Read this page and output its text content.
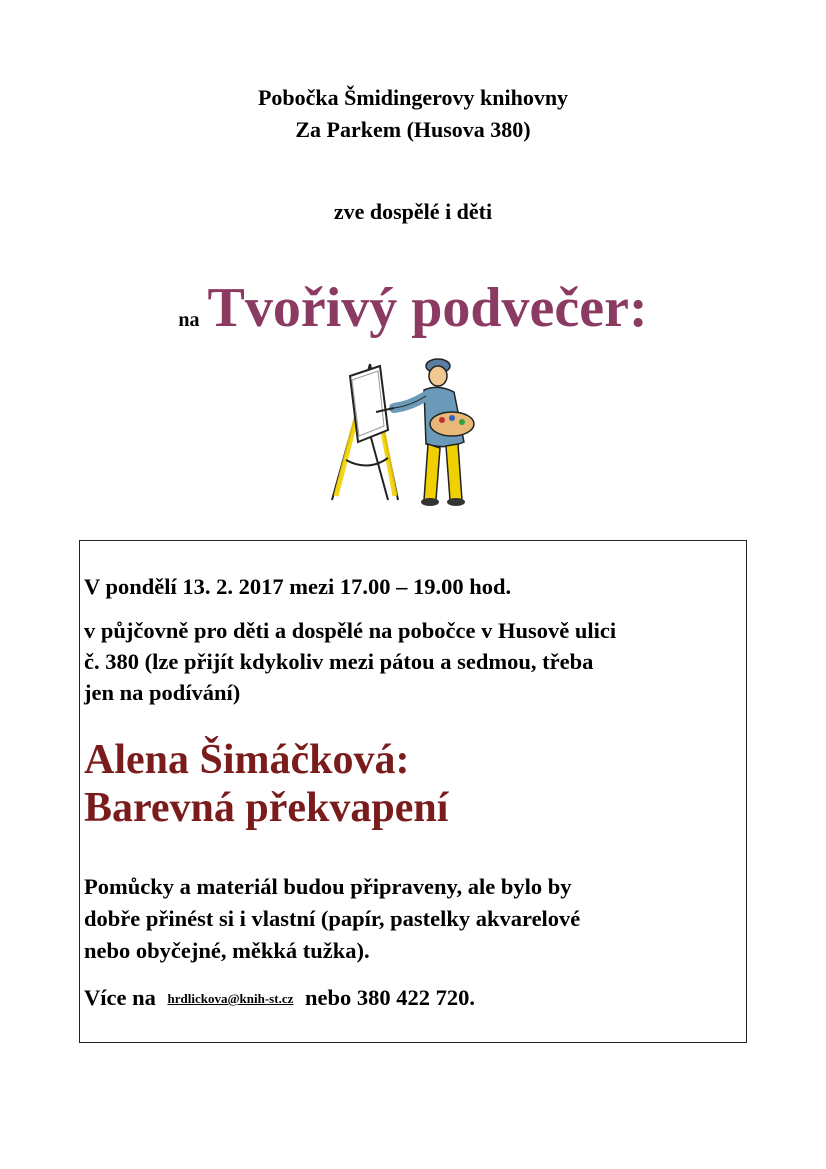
Pobočka Šmidingerovy knihovny
Za Parkem (Husova 380)
zve dospělé i děti
na Tvořivý podvečer:
V pondělí 13. 2. 2017 mezi 17.00 – 19.00 hod.
v půjčovně pro děti a dospělé na pobočce v Husově ulici
č. 380 (lze přijít kdykoliv mezi pátou a sedmou, třeba
jen na podívání)
Alena Šimáčková:
Barevná překvapení
Pomůcky a materiál budou připraveny, ale bylo by
dobře přinést si i vlastní (papír, pastelky akvarelové
nebo obyčejné, měkká tužka).
Více na hrdlickova@knih-st.cz nebo 380 422 720.
